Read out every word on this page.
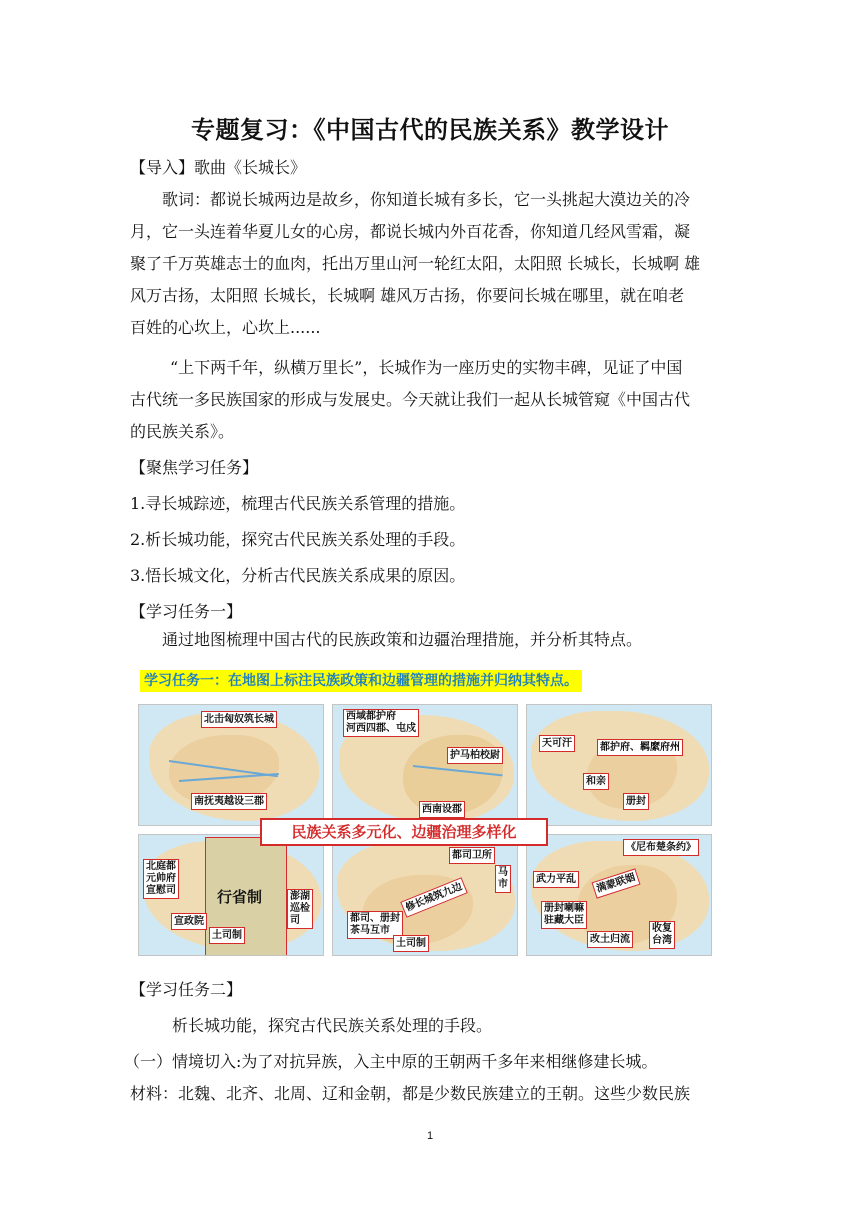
专题复习：《中国古代的民族关系》教学设计
【导入】歌曲《长城长》
歌词：都说长城两边是故乡，你知道长城有多长，它一头挑起大漠边关的冷
月，它一头连着华夏儿女的心房，都说长城内外百花香，你知道几经风雪霜，凝
聚了千万英雄志士的血肉，托出万里山河一轮红太阳，太阳照 长城长，长城啊 雄
风万古扬，太阳照 长城长，长城啊 雄风万古扬，你要问长城在哪里，就在咱老
百姓的心坎上，心坎上......
“上下两千年，纵横万里长”，长城作为一座历史的实物丰碑，见证了中国
古代统一多民族国家的形成与发展史。今天就让我们一起从长城管窥《中国古代
的民族关系》。
【聚焦学习任务】
1.寻长城踪迹，梳理古代民族关系管理的措施。
2.析长城功能，探究古代民族关系处理的手段。
3.悟长城文化，分析古代民族关系成果的原因。
【学习任务一】
通过地图梳理中国古代的民族政策和边疆治理措施，并分析其特点。
学习任务一：在地图上标注民族政策和边疆管理的措施并归纳其特点。
北击匈奴筑长城
南抚夷越设三郡
西域都护府
河西四郡、屯戍
护马柏校尉
西南设郡
天可汗	都护府、羁縻府州
和亲
册封
北庭都
元帅府
宣慰司
宣政院
行省制	澎湖
巡检
司
土司制
都司卫所
马
市
修长城筑九边
都司、册封
茶马互市
土司制
《尼布楚条约》
武力平乱	满蒙联姻
册封喇嘛
驻藏大臣
改土归流
收复
台湾
民族关系多元化、边疆治理多样化
【学习任务二】
析长城功能，探究古代民族关系处理的手段。
（一）情境切入:为了对抗异族，入主中原的王朝两千多年来相继修建长城。
材料：北魏、北齐、北周、辽和金朝，都是少数民族建立的王朝。这些少数民族
1
